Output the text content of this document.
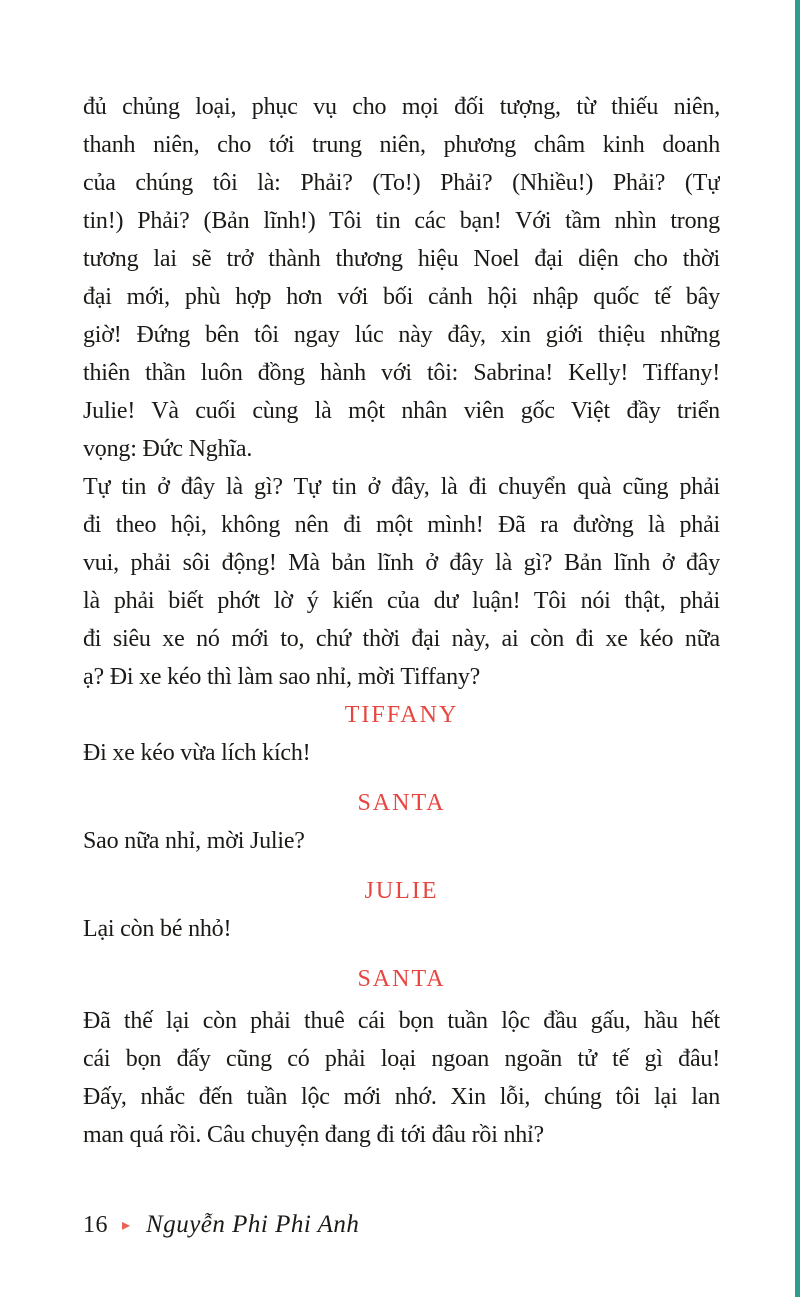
đủ chủng loại, phục vụ cho mọi đối tượng, từ thiếu niên,
thanh niên, cho tới trung niên, phương châm kinh doanh
của chúng tôi là: Phải? (To!) Phải? (Nhiều!) Phải? (Tự
tin!) Phải? (Bản lĩnh!) Tôi tin các bạn! Với tầm nhìn trong
tương lai sẽ trở thành thương hiệu Noel đại diện cho thời
đại mới, phù hợp hơn với bối cảnh hội nhập quốc tế bây
giờ! Đứng bên tôi ngay lúc này đây, xin giới thiệu những
thiên thần luôn đồng hành với tôi: Sabrina! Kelly! Tiffany!
Julie! Và cuối cùng là một nhân viên gốc Việt đầy triển
vọng: Đức Nghĩa.
Tự tin ở đây là gì? Tự tin ở đây, là đi chuyển quà cũng phải
đi theo hội, không nên đi một mình! Đã ra đường là phải
vui, phải sôi động! Mà bản lĩnh ở đây là gì? Bản lĩnh ở đây
là phải biết phớt lờ ý kiến của dư luận! Tôi nói thật, phải
đi siêu xe nó mới to, chứ thời đại này, ai còn đi xe kéo nữa
ạ? Đi xe kéo thì làm sao nhỉ, mời Tiffany?
TIFFANY
Đi xe kéo vừa lích kích!
SANTA
Sao nữa nhỉ, mời Julie?
JULIE
Lại còn bé nhỏ!
SANTA
Đã thế lại còn phải thuê cái bọn tuần lộc đầu gấu, hầu hết
cái bọn đấy cũng có phải loại ngoan ngoãn tử tế gì đâu!
Đấy, nhắc đến tuần lộc mới nhớ. Xin lỗi, chúng tôi lại lan
man quá rồi. Câu chuyện đang đi tới đâu rồi nhỉ?
16 ▸ Nguyễn Phi Phi Anh
